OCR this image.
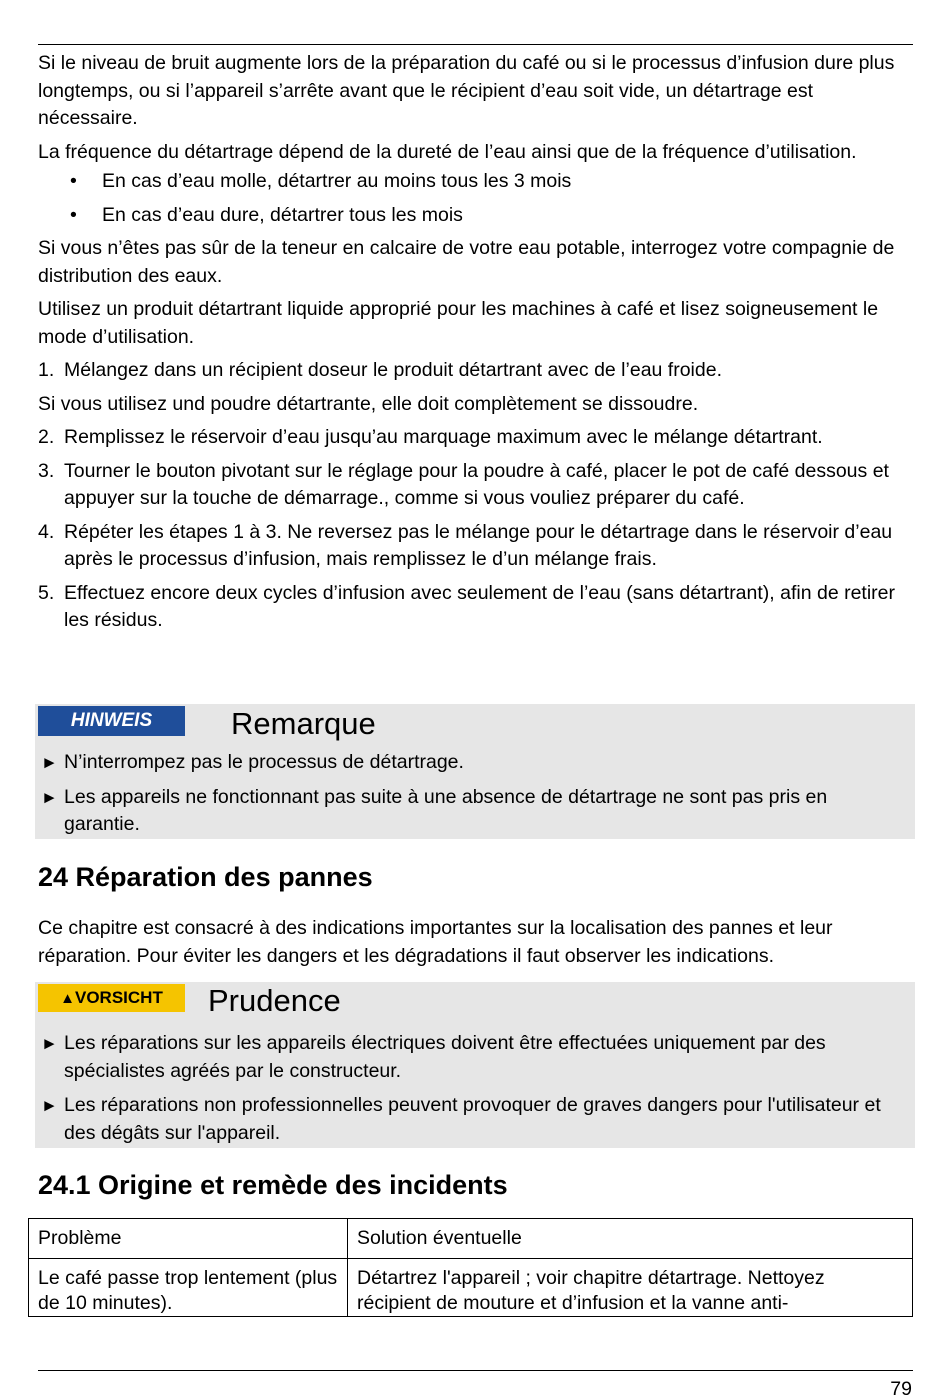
Si le niveau de bruit augmente lors de la préparation du café ou si le processus d’infusion dure plus longtemps, ou si l’appareil s’arrête avant que le récipient d’eau soit vide, un détartrage est nécessaire.

La fréquence du détartrage dépend de la dureté de l’eau ainsi que de la fréquence d’utilisation.

• En cas d’eau molle, détartrer au moins tous les 3 mois
• En cas d’eau dure, détartrer tous les mois

Si vous n’êtes pas sûr de la teneur en calcaire de votre eau potable, interrogez votre compagnie de distribution des eaux.

Utilisez un produit détartrant liquide approprié pour les machines à café et lisez soigneusement le mode d’utilisation.

1. Mélangez dans un récipient doseur le produit détartrant avec de l’eau froide.

Si vous utilisez und poudre détartrante, elle doit complètement se dissoudre.

2. Remplissez le réservoir d’eau jusqu’au marquage maximum avec le mélange détartrant.
3. Tourner le bouton pivotant sur le réglage pour la poudre à café, placer le pot de café dessous et appuyer sur la touche de démarrage., comme si vous vouliez préparer du café.
4. Répéter les étapes 1 à 3. Ne reversez pas le mélange pour le détartrage dans le réservoir d’eau après le processus d’infusion, mais remplissez le d’un mélange frais.
5. Effectuez encore deux cycles d’infusion avec seulement de l’eau (sans détartrant), afin de retirer les résidus.
HINWEIS	Remarque
► N’interrompez pas le processus de détartrage.
► Les appareils ne fonctionnant pas suite à une absence de détartrage ne sont pas pris en garantie.
24 Réparation des pannes

Ce chapitre est consacré à des indications importantes sur la localisation des pannes et leur réparation. Pour éviter les dangers et les dégradations il faut observer les indications.

▲VORSICHT	Prudence
► Les réparations sur les appareils électriques doivent être effectuées uniquement par des spécialistes agréés par le constructeur.
► Les réparations non professionnelles peuvent provoquer de graves dangers pour l'utilisateur et des dégâts sur l'appareil.
24.1 Origine et remède des incidents
Problème	Solution éventuelle
Le café passe trop lentement (plus de 10 minutes).	Détartrez l'appareil ; voir chapitre détartrage. Nettoyez récipient de mouture et d’infusion et la vanne anti-
79
